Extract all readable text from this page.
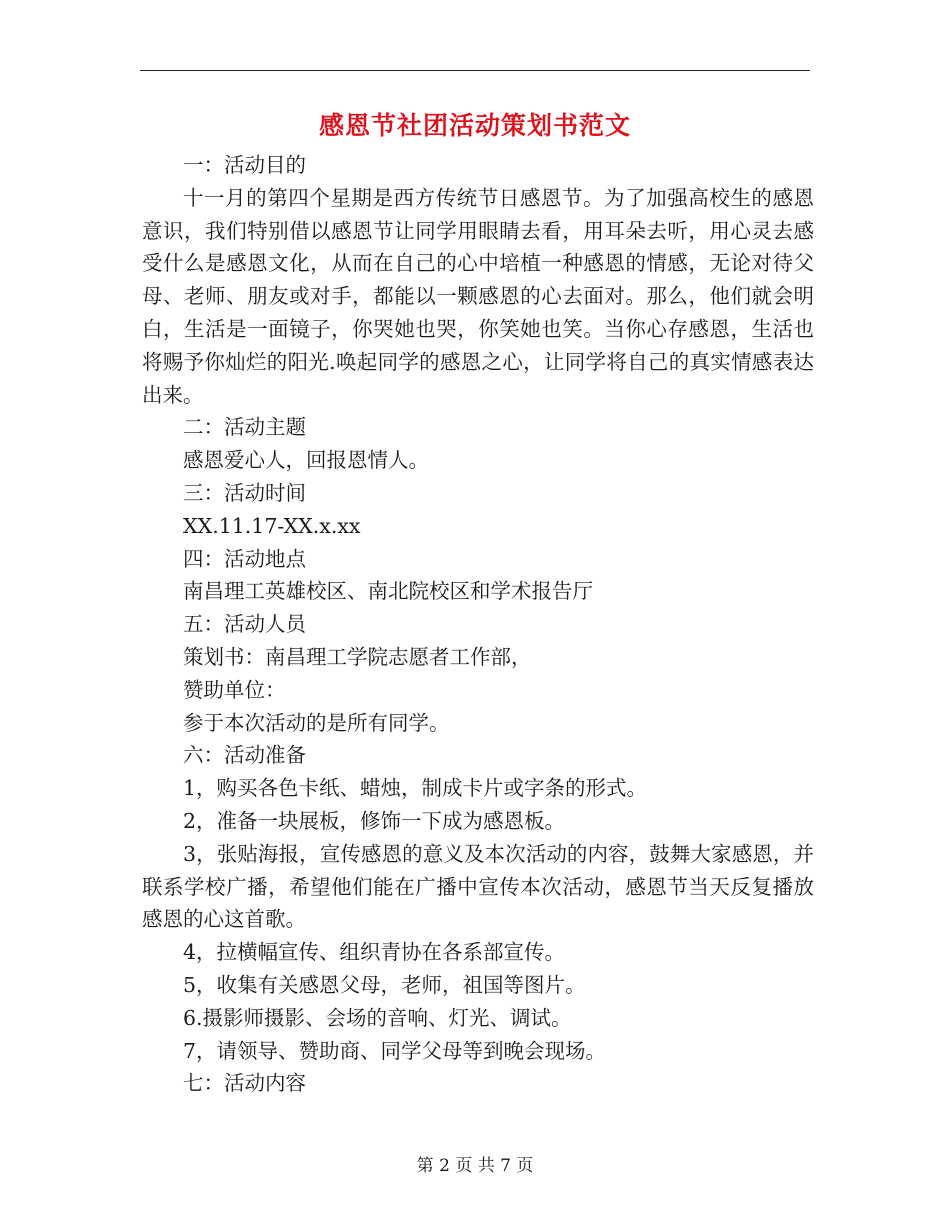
感恩节社团活动策划书范文

一：活动目的

十一月的第四个星期是西方传统节日感恩节。为了加强高校生的感恩意识，我们特别借以感恩节让同学用眼睛去看，用耳朵去听，用心灵去感受什么是感恩文化，从而在自己的心中培植一种感恩的情感，无论对待父母、老师、朋友或对手，都能以一颗感恩的心去面对。那么，他们就会明白，生活是一面镜子，你哭她也哭，你笑她也笑。当你心存感恩，生活也将赐予你灿烂的阳光.唤起同学的感恩之心，让同学将自己的真实情感表达出来。

二：活动主题

感恩爱心人，回报恩情人。

三：活动时间

XX.11.17-XX.x.xx

四：活动地点

南昌理工英雄校区、南北院校区和学术报告厅

五：活动人员

策划书：南昌理工学院志愿者工作部，

赞助单位：

参于本次活动的是所有同学。

六：活动准备

1，购买各色卡纸、蜡烛，制成卡片或字条的形式。

2，准备一块展板，修饰一下成为感恩板。

3，张贴海报，宣传感恩的意义及本次活动的内容，鼓舞大家感恩，并联系学校广播，希望他们能在广播中宣传本次活动，感恩节当天反复播放感恩的心这首歌。

4，拉横幅宣传、组织青协在各系部宣传。

5，收集有关感恩父母，老师，祖国等图片。

6.摄影师摄影、会场的音响、灯光、调试。

7，请领导、赞助商、同学父母等到晚会现场。

七：活动内容

第 2 页 共 7 页
